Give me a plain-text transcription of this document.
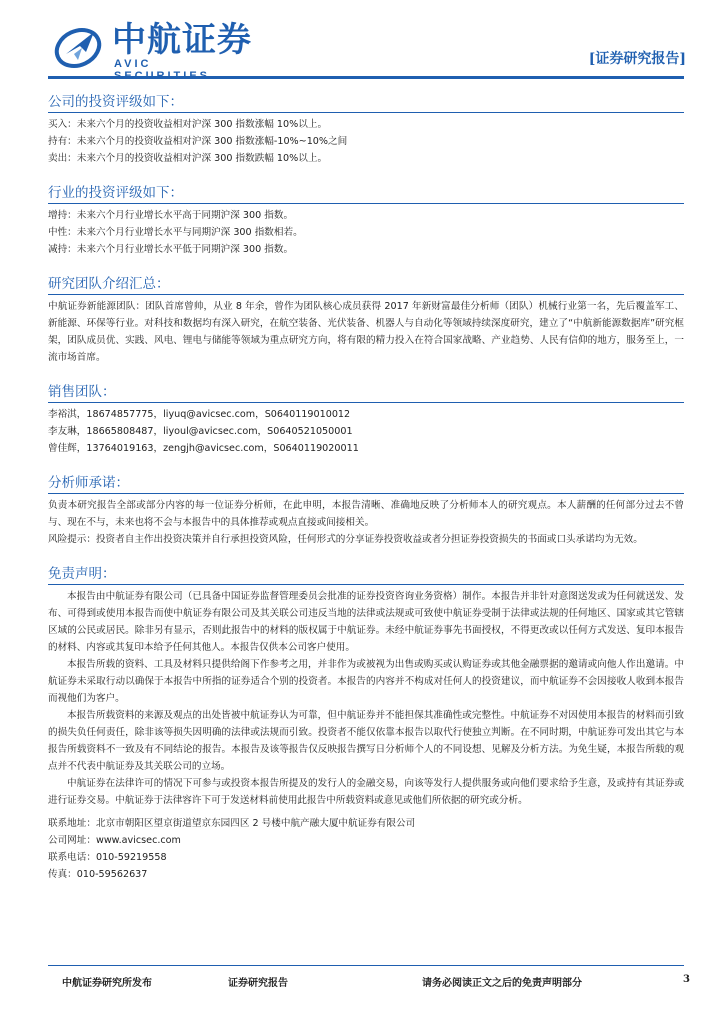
中航证券
AVIC	[证券研究报告]
公司的投资评级如下：
买入：未来六个月的投资收益相对沪深 300 指数涨幅 10%以上。
持有：未来六个月的投资收益相对沪深 300 指数涨幅-10%~10%之间
卖出：未来六个月的投资收益相对沪深 300 指数跌幅 10%以上。
行业的投资评级如下：
增持：未来六个月行业增长水平高于同期沪深 300 指数。
中性：未来六个月行业增长水平与同期沪深 300 指数相若。
减持：未来六个月行业增长水平低于同期沪深 300 指数。
研究团队介绍汇总：
中航证券新能源团队：团队首席曾帅，从业 8 年余，曾作为团队核心成员获得 2017 年新财富最佳分析师（团队）机械行业第一名，先后覆盖军工、新能源、环保等行业。对科技和数据均有深入研究，在航空装备、光伏装备、机器人与自动化等领域持续深度研究，建立了“中航新能源数据库”研究框架，团队成员优、实践、风电、锂电与储能等领域为重点研究方向，将有限的精力投入在符合国家战略、产业趋势、人民有信仰的地方，服务至上，一流市场首席。
销售团队：
李裕淇，18674857775，liyuq@avicsec.com，S0640119010012
李友琳，18665808487，liyoul@avicsec.com，S0640521050001
曾佳辉，13764019163，zengjh@avicsec.com，S0640119020011
分析师承诺：
负责本研究报告全部或部分内容的每一位证券分析师，在此申明，本报告清晰、准确地反映了分析师本人的研究观点。本人薪酬的任何部分过去不曾与、现在不与，未来也将不会与本报告中的具体推荐或观点直接或间接相关。
风险提示：投资者自主作出投资决策并自行承担投资风险，任何形式的分享证券投资收益或者分担证券投资损失的书面或口头承诺均为无效。
免责声明：
本报告由中航证券有限公司（已具备中国证券监督管理委员会批准的证券投资咨询业务资格）制作。本报告并非针对意图送发或为任何就送发、发布、可得到或使用本报告而使中航证券有限公司及其关联公司违反当地的法律或法规或可致使中航证券受制于法律或法规的任何地区、国家或其它管辖区域的公民或居民。除非另有显示，否则此报告中的材料的版权属于中航证券。未经中航证券事先书面授权，不得更改或以任何方式发送、复印本报告的材料、内容或其复印本给予任何其他人。本报告仅供本公司客户使用。
本报告所载的资料、工具及材料只提供给阁下作参考之用，并非作为或被视为出售或购买或认购证券或其他金融票据的邀请或向他人作出邀请。中航证券未采取行动以确保于本报告中所指的证券适合个别的投资者。本报告的内容并不构成对任何人的投资建议，而中航证券不会因接收人收到本报告而视他们为客户。
本报告所载资料的来源及观点的出处皆被中航证券认为可靠，但中航证券并不能担保其准确性或完整性。中航证券不对因使用本报告的材料而引致的损失负任何责任，除非该等损失因明确的法律或法规而引致。投资者不能仅依靠本报告以取代行使独立判断。在不同时期，中航证券可发出其它与本报告所载资料不一致及有不同结论的报告。本报告及该等报告仅反映报告撰写日分析师个人的不同设想、见解及分析方法。为免生疑，本报告所载的观点并不代表中航证券及其关联公司的立场。
中航证券在法律许可的情况下可参与或投资本报告所提及的发行人的金融交易，向该等发行人提供服务或向他们要求给予生意，及或持有其证券或进行证券交易。中航证券于法律容许下可于发送材料前使用此报告中所载资料或意见或他们所依据的研究或分析。
联系地址：北京市朝阳区望京街道望京东园四区 2 号楼中航产融大厦中航证券有限公司
公司网址：www.avicsec.com
联系电话：010-59219558
传真：010-59562637
中航证券研究所发布	证券研究报告	请务必阅读正文之后的免责声明部分	3
